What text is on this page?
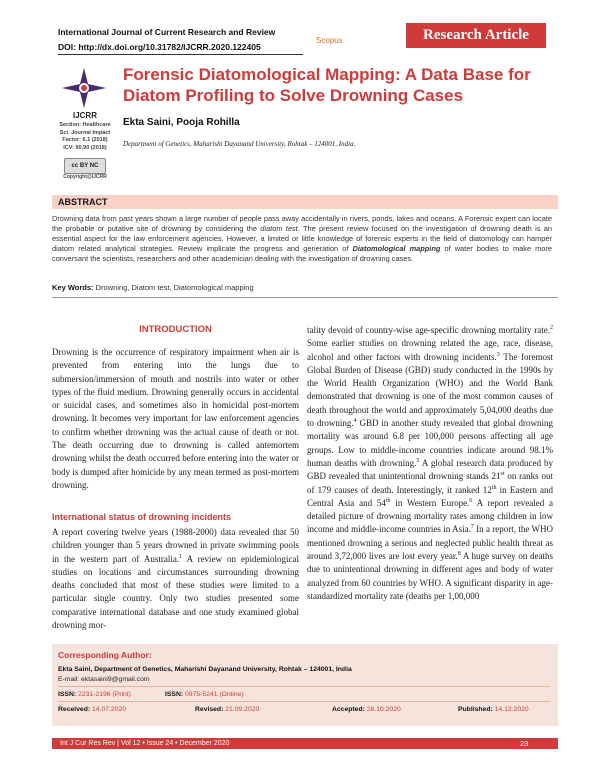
International Journal of Current Research and Review
DOI: http://dx.doi.org/10.31782/IJCRR.2020.122405
Scopus	Research Article
IJCRR
Section: Healthcare
Sci. Journal Impact
Factor: 6.1 (2018)
ICV: 90.90 (2018)
cc BY NC
Copyright@IJCRR
Forensic Diatomological Mapping: A Data Base for Diatom Profiling to Solve Drowning Cases
Ekta Saini, Pooja Rohilla
Department of Genetics, Maharishi Dayanand University, Rohtak – 124001, India.
ABSTRACT
Drowning data from past years shown a large number of people pass away accidentally in rivers, ponds, lakes and oceans. A Forensic expert can locate the probable or putative site of drowning by considering the diatom test. The present review focused on the investigation of drowning death is an essential aspect for the law enforcement agencies. However, a limited or little knowledge of forensic experts in the field of diatomology can hamper diatom related analytical strategies. Review implicate the progress and generation of Diatomological mapping of water bodies to make more conversant the scientists, researchers and other academician dealing with the investigation of drowning cases.
Key Words: Drowning, Diatom test, Diatomological mapping
INTRODUCTION
Drowning is the occurrence of respiratory impairment when air is prevented from entering into the lungs due to submersion/immersion of mouth and nostrils into water or other types of the fluid medium. Drowning generally occurs in accidental or suicidal cases, and sometimes also in homicidal post-mortem drowning. It becomes very important for law enforcement agencies to confirm whether drowning was the actual cause of death or not. The death occurring due to drowning is called antemortem drowning whilst the death occurred before entering into the water or body is dumped after homicide by any mean termed as post-mortem drowning.
International status of drowning incidents
A report covering twelve years (1988-2000) data revealed that 50 children younger than 5 years drowned in private swimming pools in the western part of Australia.$^1$ A review on epidemiological studies on locations and circumstances surrounding drowning deaths concluded that most of these studies were limited to a particular single country. Only two studies presented some comparative international database and one study examined global drowning mor-
tality devoid of country-wise age-specific drowning mortality rate.$^2$ Some earlier studies on drowning related the age, race, disease, alcohol and other factors with drowning incidents.$^3$ The foremost Global Burden of Disease (GBD) study conducted in the 1990s by the World Health Organization (WHO) and the World Bank demonstrated that drowning is one of the most common causes of death throughout the world and approximately 5,04,000 deaths due to drowning.$^4$ GBD in another study revealed that global drowning mortality was around 6.8 per 100,000 persons affecting all age groups. Low to middle-income countries indicate around 98.1% human deaths with drowning.$^5$ A global research data produced by GBD revealed that unintentional drowning stands 21st on ranks out of 179 causes of death. Interestingly, it ranked 12th in Eastern and Central Asia and 54th in Western Europe.$^6$ A report revealed a detailed picture of drowning mortality rates among children in low income and middle-income countries in Asia.$^7$ In a report, the WHO mentioned drowning a serious and neglected public health threat as around 3,72,000 lives are lost every year.$^8$ A huge survey on deaths due to unintentional drowning in different ages and body of water analyzed from 60 countries by WHO. A significant disparity in age-standardized mortality rate (deaths per 1,00,000
Corresponding Author:
Ekta Saini, Department of Genetics, Maharishi Dayanand University, Rohtak – 124001, India
E-mail: ektasaini9@gmail.com
ISSN: 2231-2196 (Print)	ISSN: 0975-5241 (Online)
Received: 14.07.2020	Revised: 21.09.2020	Accepted: 28.10.2020	Published: 14.12.2020
Int J Cur Res Rev | Vol 12 • Issue 24 • December 2020	23
